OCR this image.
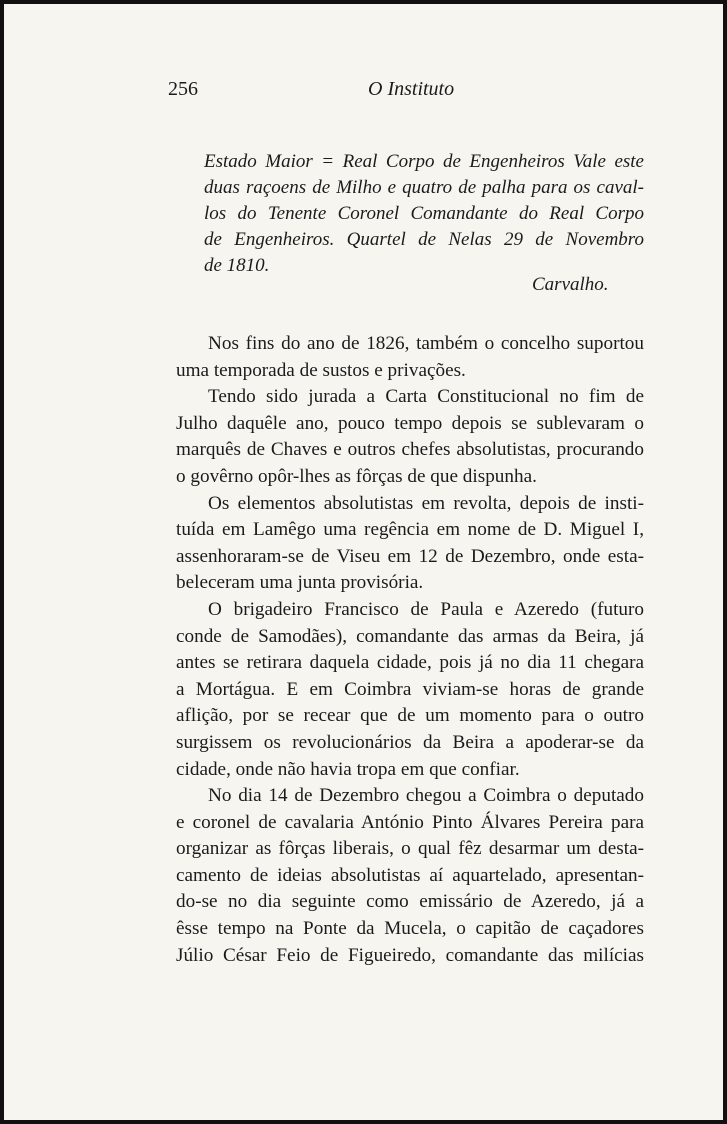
256	O Instituto
Estado Maior = Real Corpo de Engenheiros Vale este
duas raçoens de Milho e quatro de palha para os caval-
los do Tenente Coronel Comandante do Real Corpo
de Engenheiros. Quartel de Nelas 29 de Novembro
de 1810.
Carvalho.
Nos fins do ano de 1826, também o concelho suportou
uma temporada de sustos e privações.
Tendo sido jurada a Carta Constitucional no fim de
Julho daquêle ano, pouco tempo depois se sublevaram o
marquês de Chaves e outros chefes absolutistas, procurando
o govêrno opôr-lhes as fôrças de que dispunha.
Os elementos absolutistas em revolta, depois de insti-
tuída em Lamêgo uma regência em nome de D. Miguel I,
assenhoraram-se de Viseu em 12 de Dezembro, onde esta-
beleceram uma junta provisória.
O brigadeiro Francisco de Paula e Azeredo (futuro
conde de Samodães), comandante das armas da Beira, já
antes se retirara daquela cidade, pois já no dia 11 chegara
a Mortágua. E em Coimbra viviam-se horas de grande
aflição, por se recear que de um momento para o outro
surgissem os revolucionários da Beira a apoderar-se da
cidade, onde não havia tropa em que confiar.
No dia 14 de Dezembro chegou a Coimbra o deputado
e coronel de cavalaria António Pinto Álvares Pereira para
organizar as fôrças liberais, o qual fêz desarmar um desta-
camento de ideias absolutistas aí aquartelado, apresentan-
do-se no dia seguinte como emissário de Azeredo, já a
êsse tempo na Ponte da Mucela, o capitão de caçadores
Júlio César Feio de Figueiredo, comandante das milícias
